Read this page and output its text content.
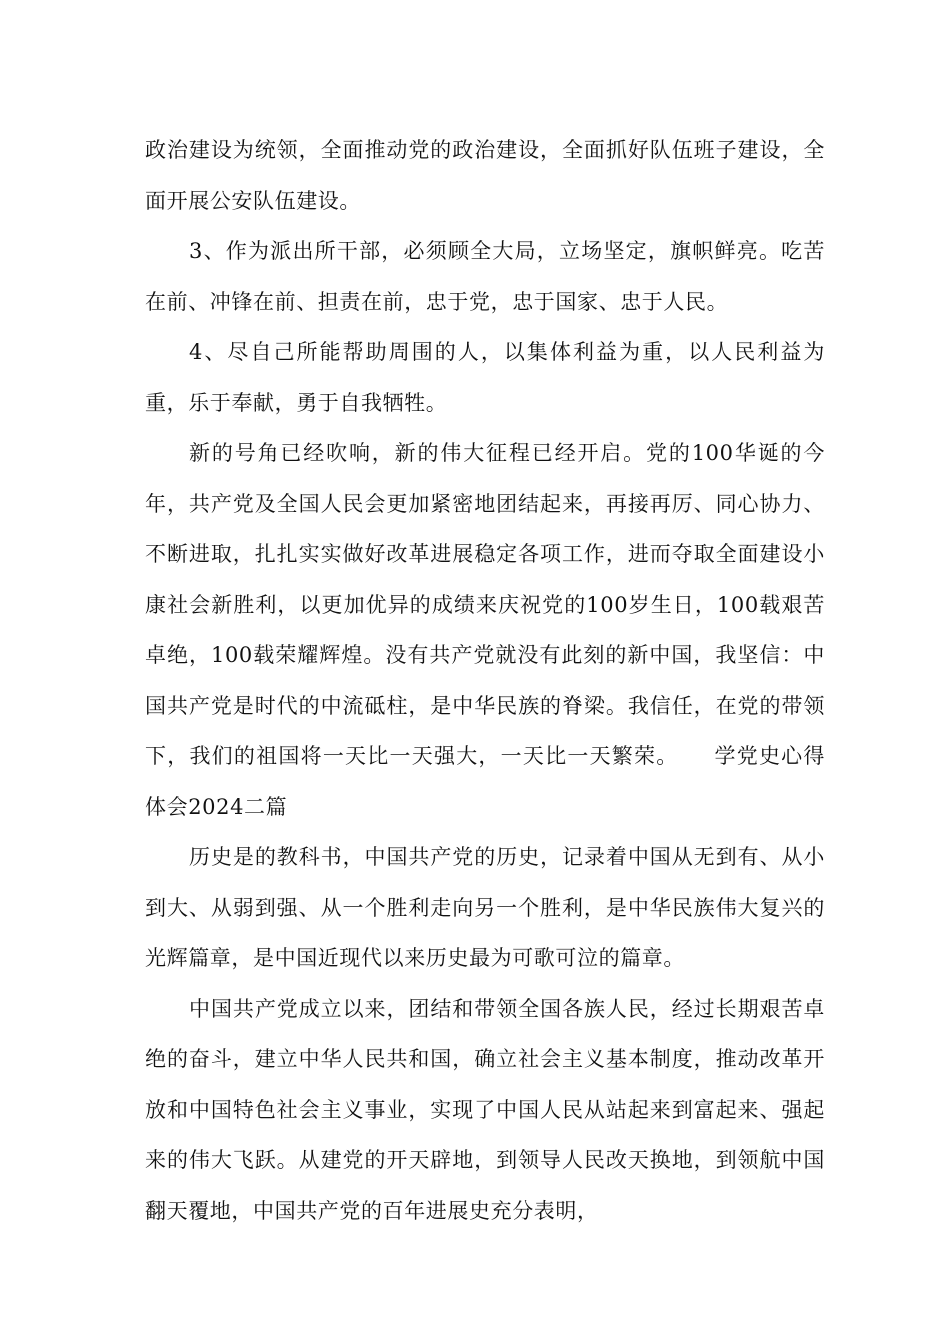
政治建设为统领，全面推动党的政治建设，全面抓好队伍班子建设，全面开展公安队伍建设。

3、作为派出所干部，必须顾全大局，立场坚定，旗帜鲜亮。吃苦在前、冲锋在前、担责在前，忠于党，忠于国家、忠于人民。

4、尽自己所能帮助周围的人，以集体利益为重，以人民利益为重，乐于奉献，勇于自我牺牲。

新的号角已经吹响，新的伟大征程已经开启。党的100华诞的今年，共产党及全国人民会更加紧密地团结起来，再接再厉、同心协力、不断进取，扎扎实实做好改革进展稳定各项工作，进而夺取全面建设小康社会新胜利，以更加优异的成绩来庆祝党的100岁生日，100载艰苦卓绝，100载荣耀辉煌。没有共产党就没有此刻的新中国，我坚信：中国共产党是时代的中流砥柱，是中华民族的脊梁。我信任，在党的带领下，我们的祖国将一天比一天强大，一天比一天繁荣。 学党史心得体会2024二篇

历史是的教科书，中国共产党的历史，记录着中国从无到有、从小到大、从弱到强、从一个胜利走向另一个胜利，是中华民族伟大复兴的光辉篇章，是中国近现代以来历史最为可歌可泣的篇章。

中国共产党成立以来，团结和带领全国各族人民，经过长期艰苦卓绝的奋斗，建立中华人民共和国，确立社会主义基本制度，推动改革开放和中国特色社会主义事业，实现了中国人民从站起来到富起来、强起来的伟大飞跃。从建党的开天辟地，到领导人民改天换地，到领航中国翻天覆地，中国共产党的百年进展史充分表明，
